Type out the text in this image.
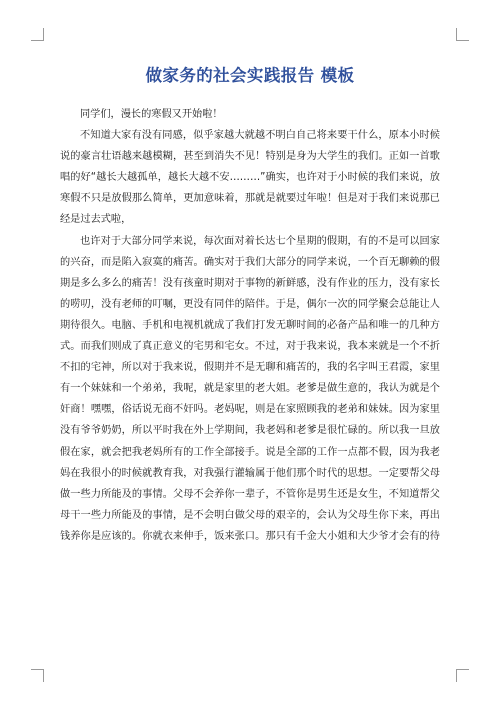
做家务的社会实践报告 模板
同学们，漫长的寒假又开始啦！
不知道大家有没有同感，似乎家越大就越不明白自己将来要干什么，原本小时候
说的豪言壮语越来越模糊，甚至到消失不见！特别是身为大学生的我们。正如一首歌
唱的好“越长大越孤单，越长大越不安………”确实，也许对于小时候的我们来说，放
寒假不只是放假那么简单，更加意味着，那就是就要过年啦！但是对于我们来说那已
经是过去式啦，
也许对于大部分同学来说，每次面对着长达七个星期的假期，有的不是可以回家
的兴奋，而是陷入寂寞的痛苦。确实对于我们大部分的同学来说，一个百无聊赖的假
期是多么多么的痛苦！没有孩童时期对于事物的新鲜感，没有作业的压力，没有家长
的唠叨，没有老师的叮嘱，更没有同伴的陪伴。于是，偶尔一次的同学聚会总能让人
期待很久。电脑、手机和电视机就成了我们打发无聊时间的必备产品和唯一的几种方
式。而我们则成了真正意义的宅男和宅女。不过，对于我来说，我本来就是一个不折
不扣的宅神，所以对于我来说，假期并不是无聊和痛苦的，我的名字叫王君霞，家里
有一个妹妹和一个弟弟，我呢，就是家里的老大姐。老爹是做生意的，我认为就是个
奸商！嘿嘿，俗话说无商不奸吗。老妈呢，则是在家照顾我的老弟和妹妹。因为家里
没有爷爷奶奶，所以平时我在外上学期间，我老妈和老爹是很忙碌的。所以我一旦放
假在家，就会把我老妈所有的工作全部接手。说是全部的工作一点都不假，因为我老
妈在我很小的时候就教育我，对我强行灌输属于他们那个时代的思想。一定要帮父母
做一些力所能及的事情。父母不会养你一辈子，不管你是男生还是女生，不知道帮父
母干一些力所能及的事情，是不会明白做父母的艰辛的，会认为父母生你下来，再出
钱养你是应该的。你就衣来伸手，饭来张口。那只有千金大小姐和大少爷才会有的待
